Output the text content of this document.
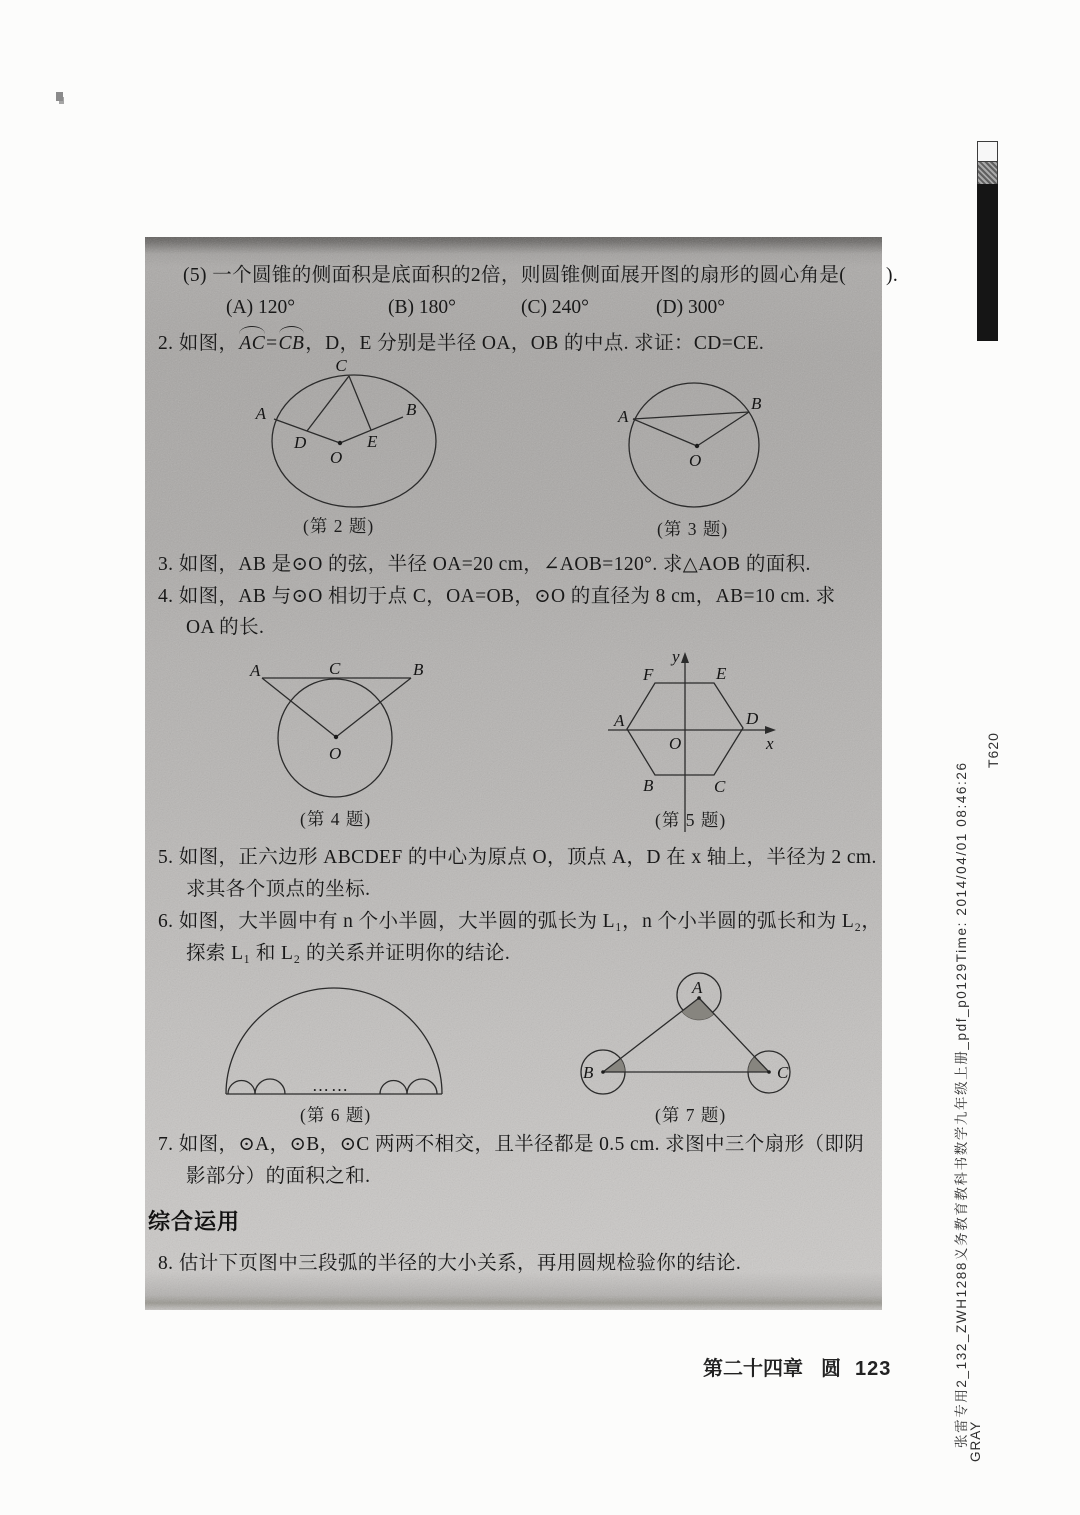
(5) 一个圆锥的侧面积是底面积的2倍，则圆锥侧面展开图的扇形的圆心角是(　　).
(A) 120°	(B) 180°	(C) 240°	(D) 300°
2. 如图，AC=CB，D，E 分别是半径 OA，OB 的中点. 求证：CD=CE.
C
A	B
D	E
O
(第 2 题)
A
B
O
(第 3 题)
3. 如图，AB 是⊙O 的弦，半径 OA=20 cm，∠AOB=120°. 求△AOB 的面积.
4. 如图，AB 与⊙O 相切于点 C，OA=OB，⊙O 的直径为 8 cm，AB=10 cm. 求
OA 的长.
A	C	B
O
(第 4 题)
A
F	E
D
B	C
O	x
y
(第 5 题)
5. 如图，正六边形 ABCDEF 的中心为原点 O，顶点 A，D 在 x 轴上，半径为 2 cm.
求其各个顶点的坐标.
6. 如图，大半圆中有 n 个小半圆，大半圆的弧长为 L₁，n 个小半圆的弧长和为 L₂，
探索 L₁ 和 L₂ 的关系并证明你的结论.
……
(第 6 题)
A
B	C
(第 7 题)
7. 如图，⊙A，⊙B，⊙C 两两不相交，且半径都是 0.5 cm. 求图中三个扇形（即阴
影部分）的面积之和.
综合运用
8. 估计下页图中三段弧的半径的大小关系，再用圆规检验你的结论.
第二十四章 圆 123	张雷专用2_132_ZWH1288义务教育教科书数学九年级上册_pdf_p0129Time: 2014/04/01 08:46:26 GRAY
T620
